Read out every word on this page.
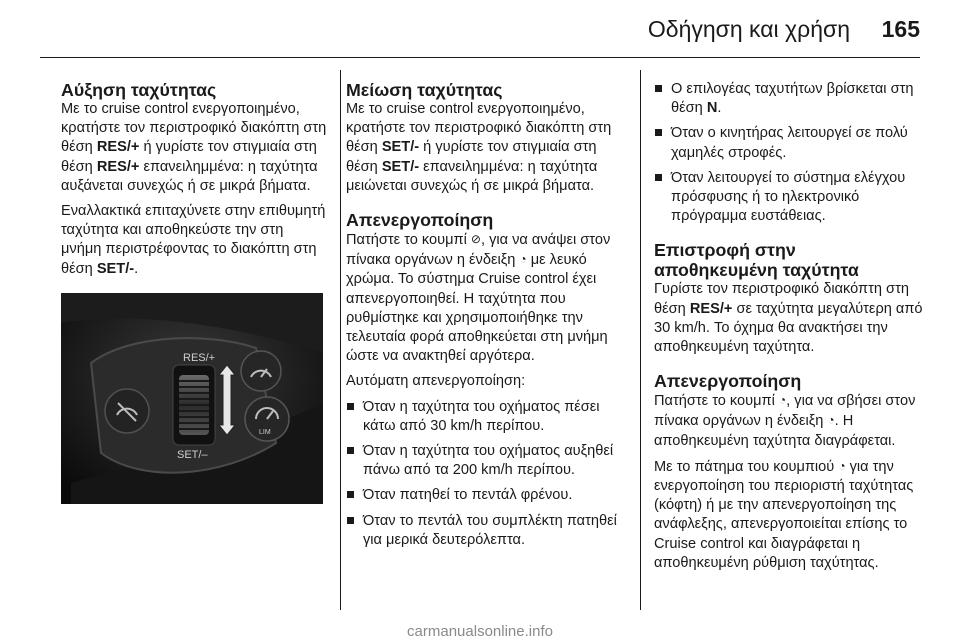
Οδήγηση και χρήση 165
Αύξηση ταχύτητας

Με το cruise control ενεργοποιημένο, κρατήστε τον περιστροφικό διακόπτη στη θέση RES/+ ή γυρίστε τον στιγμιαία στη θέση RES/+ επανειλημμένα: η ταχύτητα αυξάνεται συνεχώς ή σε μικρά βήματα.

Εναλλακτικά επιταχύνετε στην επιθυμητή ταχύτητα και αποθηκεύστε την στη μνήμη περιστρέφοντας το διακόπτη στη θέση SET/-.

RES/+
SET/–
LIM
Μείωση ταχύτητας

Με το cruise control ενεργοποιημένο, κρατήστε τον περιστροφικό διακόπτη στη θέση SET/- ή γυρίστε τον στιγμιαία στη θέση SET/- επανειλημμένα: η ταχύτητα μειώνεται συνεχώς ή σε μικρά βήματα.

Απενεργοποίηση

Πατήστε το κουμπί ⊘, για να ανάψει στον πίνακα οργάνων η ένδειξη ◔ με λευκό χρώμα. Το σύστημα Cruise control έχει απενεργοποιηθεί. Η ταχύτητα που ρυθμίστηκε και χρησιμοποιήθηκε την τελευταία φορά αποθηκεύεται στη μνήμη ώστε να ανακτηθεί αργότερα.

Αυτόματη απενεργοποίηση:

Όταν η ταχύτητα του οχήματος πέσει κάτω από 30 km/h περίπου.
Όταν η ταχύτητα του οχήματος αυξηθεί πάνω από τα 200 km/h περίπου.
Όταν πατηθεί το πεντάλ φρένου.
Όταν το πεντάλ του συμπλέκτη πατηθεί για μερικά δευτερόλεπτα.
Ο επιλογέας ταχυτήτων βρίσκεται στη θέση N.
Όταν ο κινητήρας λειτουργεί σε πολύ χαμηλές στροφές.
Όταν λειτουργεί το σύστημα ελέγχου πρόσφυσης ή το ηλεκτρονικό πρόγραμμα ευστάθειας.
Επιστροφή στην αποθηκευμένη ταχύτητα

Γυρίστε τον περιστροφικό διακόπτη στη θέση RES/+ σε ταχύτητα μεγαλύτερη από 30 km/h. Το όχημα θα ανακτήσει την αποθηκευμένη ταχύτητα.

Απενεργοποίηση

Πατήστε το κουμπί ◔, για να σβήσει στον πίνακα οργάνων η ένδειξη ◔. Η αποθηκευμένη ταχύτητα διαγράφεται.

Με το πάτημα του κουμπιού ◔ για την ενεργοποίηση του περιοριστή ταχύτητας (κόφτη) ή με την απενεργοποίηση της ανάφλεξης, απενεργοποιείται επίσης το Cruise control και διαγράφεται η αποθηκευμένη ρύθμιση ταχύτητας.

carmanualsonline.info
